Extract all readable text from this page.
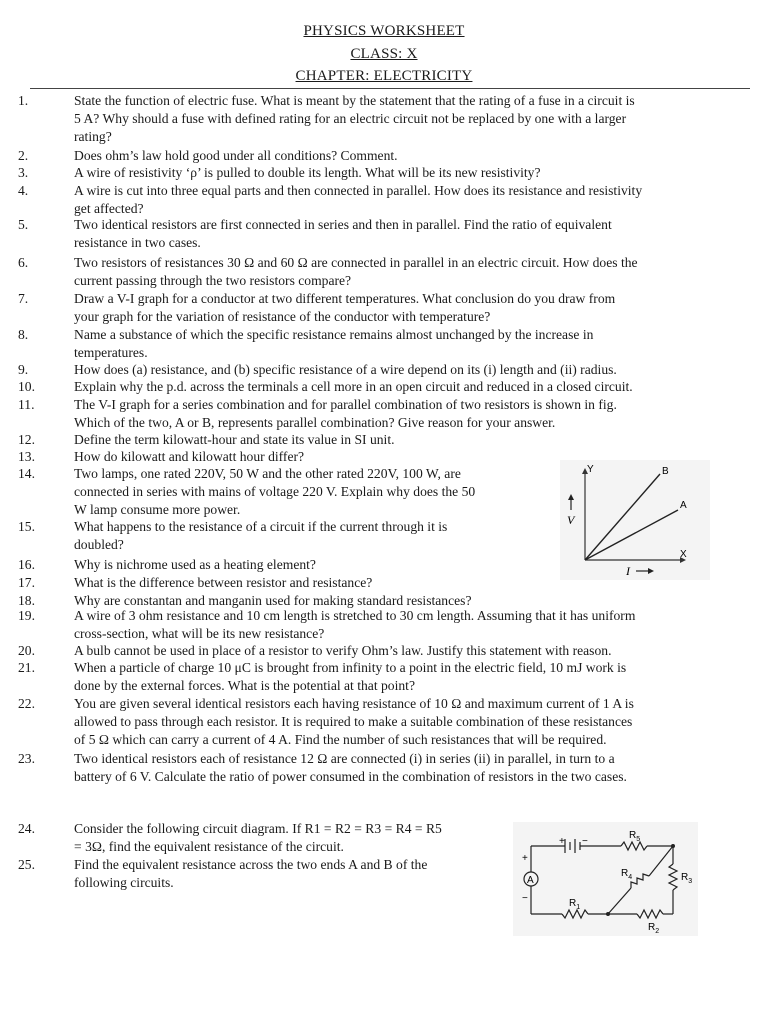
PHYSICS WORKSHEET
CLASS: X
CHAPTER: ELECTRICITY
1.	State the function of electric fuse. What is meant by the statement that the rating of a fuse in a circuit is
5 A? Why should a fuse with defined rating for an electric circuit not be replaced by one with a larger
rating?
2.	Does ohm’s law hold good under all conditions? Comment.
3.	A wire of resistivity ‘ρ’ is pulled to double its length. What will be its new resistivity?
4.	A wire is cut into three equal parts and then connected in parallel. How does its resistance and resistivity
get affected?
5.	Two identical resistors are first connected in series and then in parallel. Find the ratio of equivalent
resistance in two cases.
6.	Two resistors of resistances 30 Ω and 60 Ω are connected in parallel in an electric circuit. How does the
current passing through the two resistors compare?
7.	Draw a V-I graph for a conductor at two different temperatures. What conclusion do you draw from
your graph for the variation of resistance of the conductor with temperature?
8.	Name a substance of which the specific resistance remains almost unchanged by the increase in
temperatures.
9.	How does (a) resistance, and (b) specific resistance of a wire depend on its (i) length and (ii) radius.
10.	Explain why the p.d. across the terminals a cell more in an open circuit and reduced in a closed circuit.
11.	The V-I graph for a series combination and for parallel combination of two resistors is shown in fig.
Which of the two, A or B, represents parallel combination? Give reason for your answer.
12.	Define the term kilowatt-hour and state its value in SI unit.
13.	How do kilowatt and kilowatt hour differ?
14.	Two lamps, one rated 220V, 50 W and the other rated 220V, 100 W, are
connected in series with mains of voltage 220 V. Explain why does the 50
W lamp consume more power.
15.	What happens to the resistance of a circuit if the current through it is
doubled?
16.	Why is nichrome used as a heating element?
17.	What is the difference between resistor and resistance?
18.	Why are constantan and manganin used for making standard resistances?
19.	A wire of 3 ohm resistance and 10 cm length is stretched to 30 cm length. Assuming that it has uniform
cross-section, what will be its new resistance?
20.	A bulb cannot be used in place of a resistor to verify Ohm’s law. Justify this statement with reason.
21.	When a particle of charge 10 μC is brought from infinity to a point in the electric field, 10 mJ work is
done by the external forces. What is the potential at that point?
22.	You are given several identical resistors each having resistance of 10 Ω and maximum current of 1 A is
allowed to pass through each resistor. It is required to make a suitable combination of these resistances
of 5 Ω which can carry a current of 4 A. Find the number of such resistances that will be required.
23.	Two identical resistors each of resistance 12 Ω are connected (i) in series (ii) in parallel, in turn to a
battery of 6 V. Calculate the ratio of power consumed in the combination of resistors in the two cases.
24.	Consider the following circuit diagram. If R1 = R2 = R3 = R4 = R5
= 3Ω, find the equivalent resistance of the circuit.
25.	Find the equivalent resistance across the two ends A and B of the
following circuits.
Y
X
B
A
V
I
A
+
−
+ −
$R_5$
$R_3$
$R_4$
$R_1$
$R_2$
